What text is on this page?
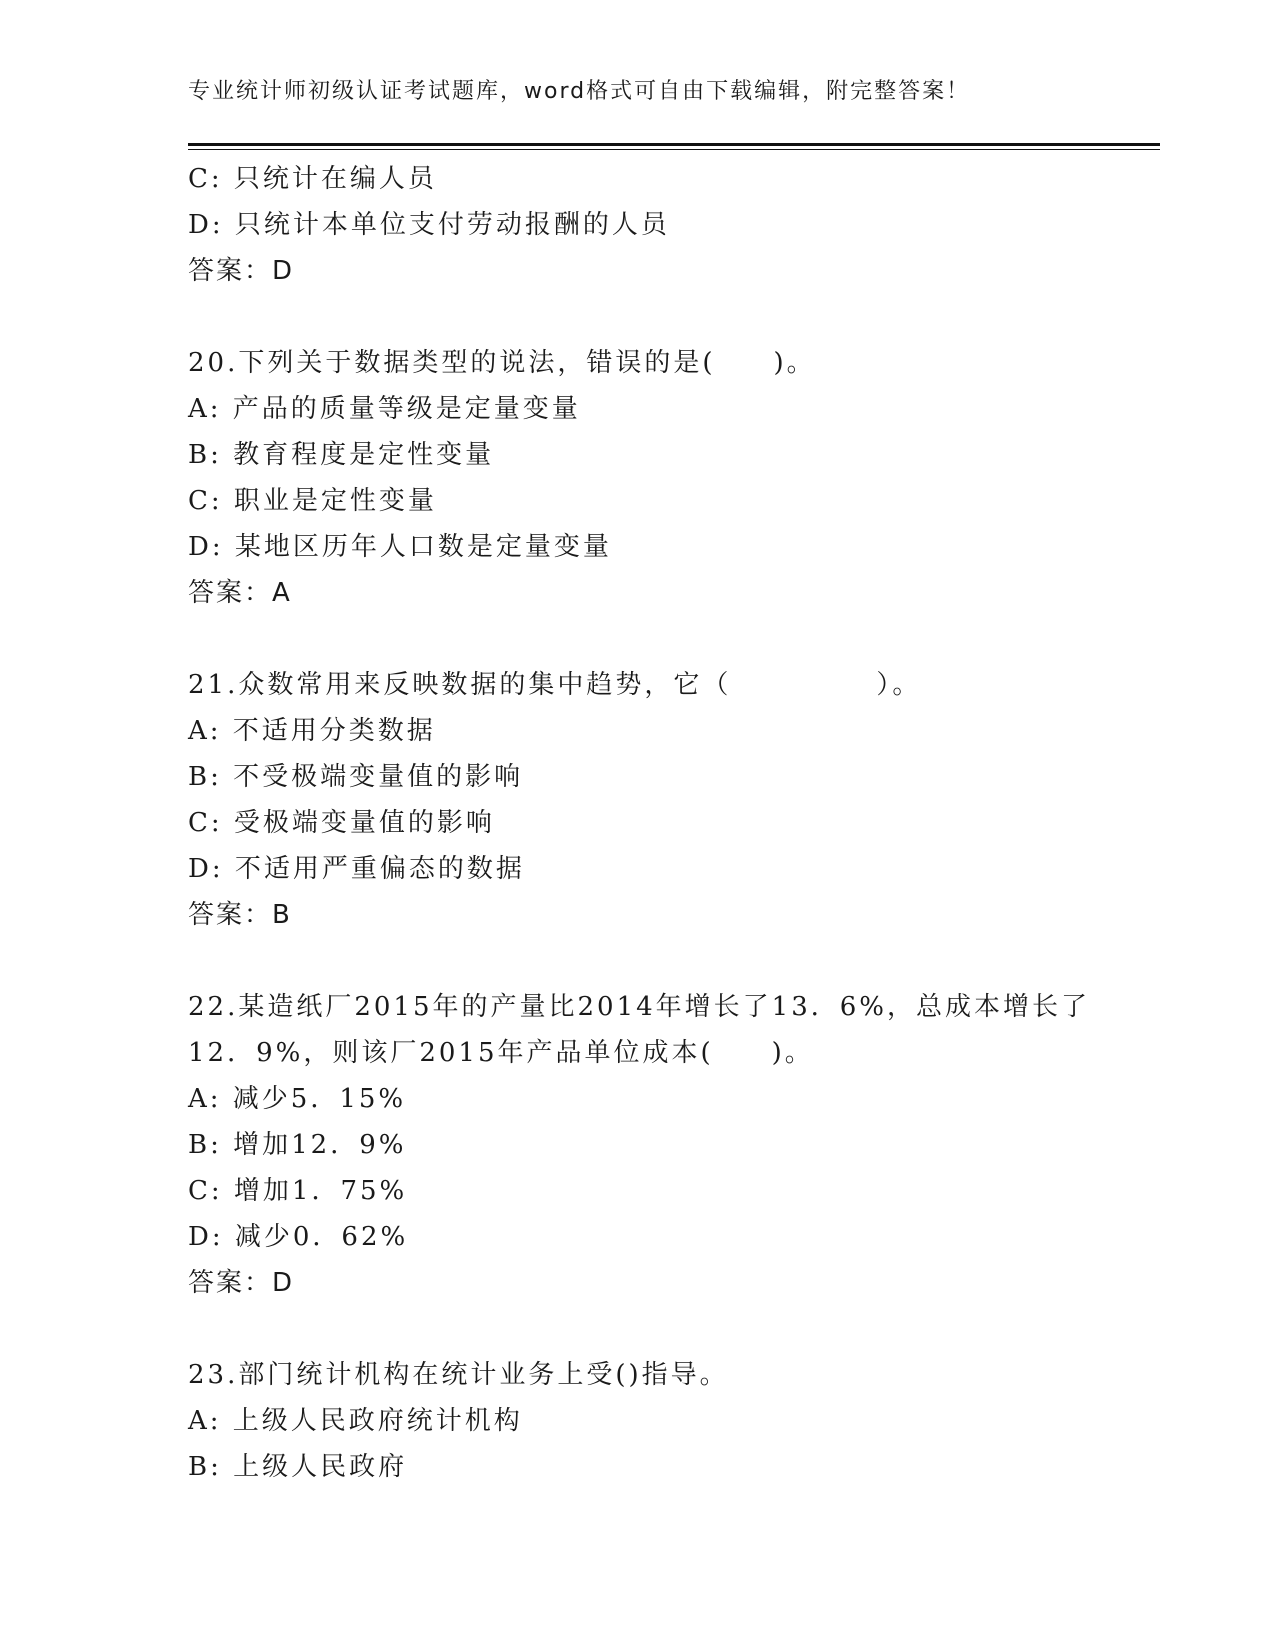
专业统计师初级认证考试题库，word格式可自由下载编辑，附完整答案！
C: 只统计在编人员
D: 只统计本单位支付劳动报酬的人员
答案：D
20.下列关于数据类型的说法，错误的是(　　)。
A: 产品的质量等级是定量变量
B: 教育程度是定性变量
C: 职业是定性变量
D: 某地区历年人口数是定量变量
答案：A
21.众数常用来反映数据的集中趋势，它（　　　　　）。
A: 不适用分类数据
B: 不受极端变量值的影响
C: 受极端变量值的影响
D: 不适用严重偏态的数据
答案：B
22.某造纸厂2015年的产量比2014年增长了13．6%，总成本增长了
12．9%，则该厂2015年产品单位成本(　　)。
A: 减少5．15%
B: 增加12．9%
C: 增加1．75%
D: 减少0．62%
答案：D
23.部门统计机构在统计业务上受()指导。
A: 上级人民政府统计机构
B: 上级人民政府
